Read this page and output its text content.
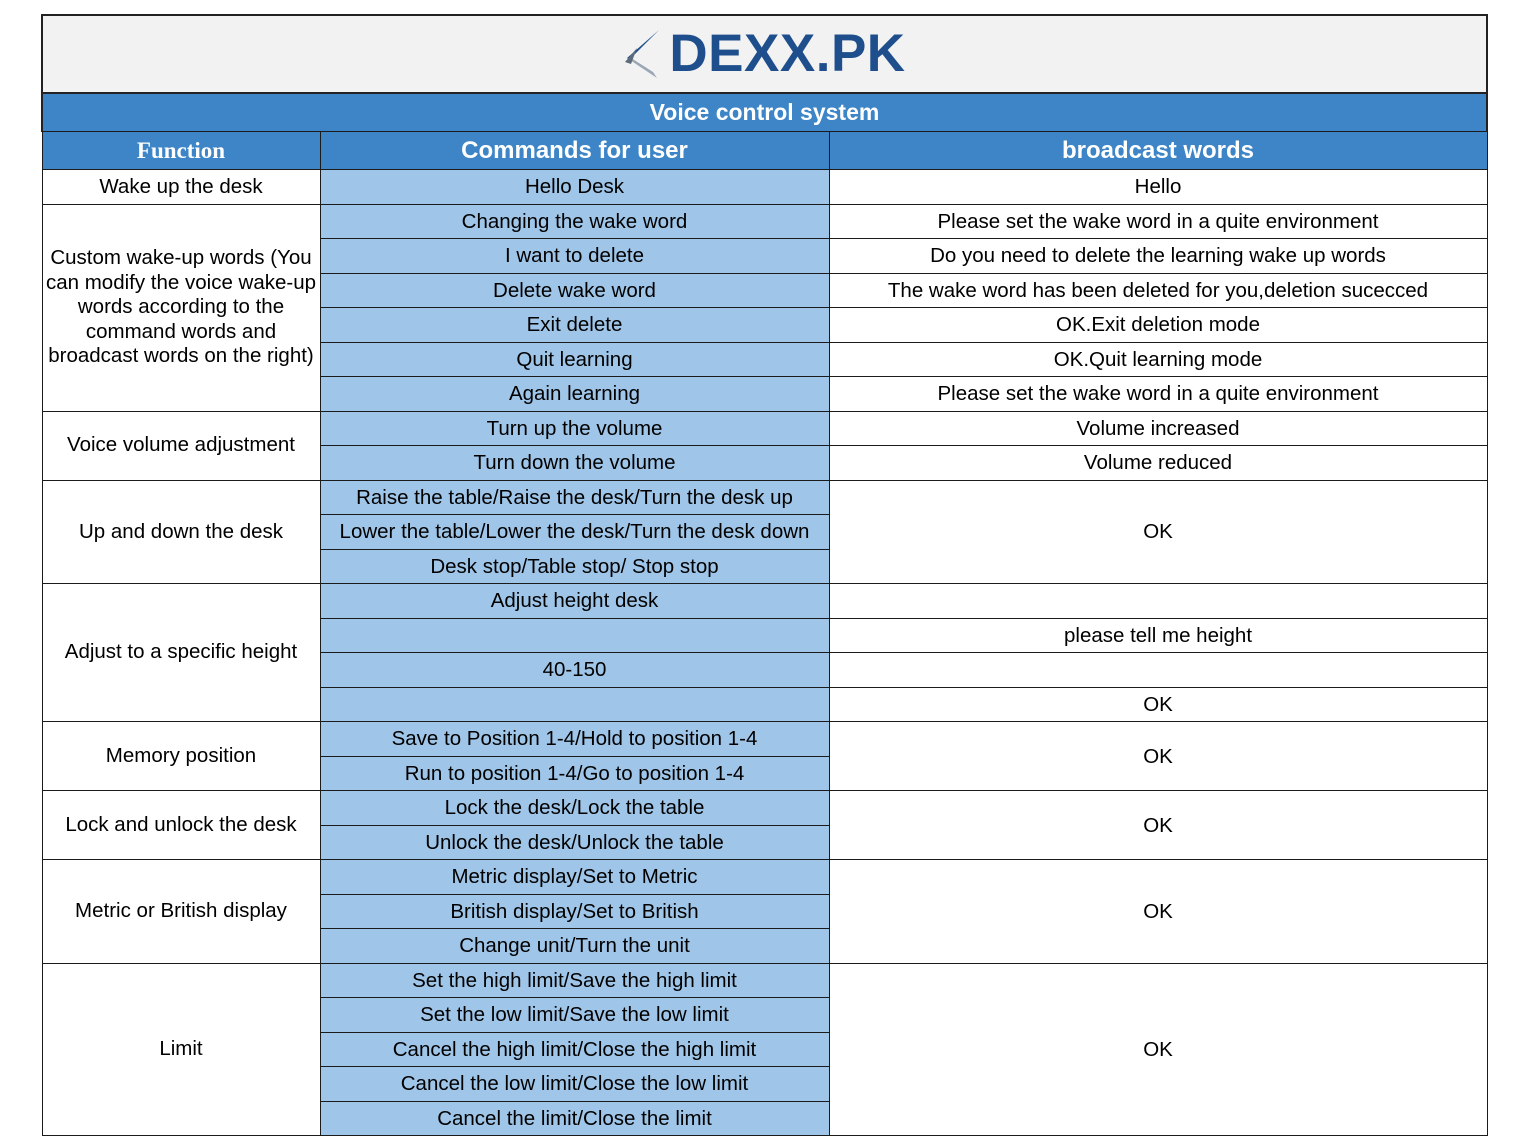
DEXX.PK		

Voice control system		
Function	Commands for user	broadcast words
Wake up the desk	Hello Desk	Hello
Custom wake-up words (You can modify the voice wake-up words according to the command words and broadcast words on the right)	Changing the wake word	Please set the wake word in a quite environment
	I want to delete	Do you need to delete the learning wake up words
	Delete wake word	The wake word has been deleted for you,deletion sucecced
	Exit delete	OK.Exit deletion mode
	Quit learning	OK.Quit learning mode
	Again learning	Please set the wake word in a quite environment
Voice volume adjustment	Turn up the volume	Volume increased
	Turn down the volume	Volume reduced
Up and down the desk	Raise the table/Raise the desk/Turn the desk up	OK
	Lower the table/Lower the desk/Turn the desk down	
	Desk stop/Table stop/ Stop stop	
Adjust to a specific height	Adjust height desk	
		please tell me height
	40-150	
		OK
Memory position	Save to Position 1-4/Hold to position 1-4	OK
	Run to position 1-4/Go to position 1-4	
Lock and unlock the desk	Lock the desk/Lock the table	OK
	Unlock the desk/Unlock the table	
Metric or British display	Metric display/Set to Metric	OK
	British display/Set to British	
	Change unit/Turn the unit	
Limit	Set the high limit/Save the high limit	OK
	Set the low limit/Save the low limit	
	Cancel the high limit/Close the high limit	
	Cancel the low limit/Close the low limit	
	Cancel the limit/Close the limit	
